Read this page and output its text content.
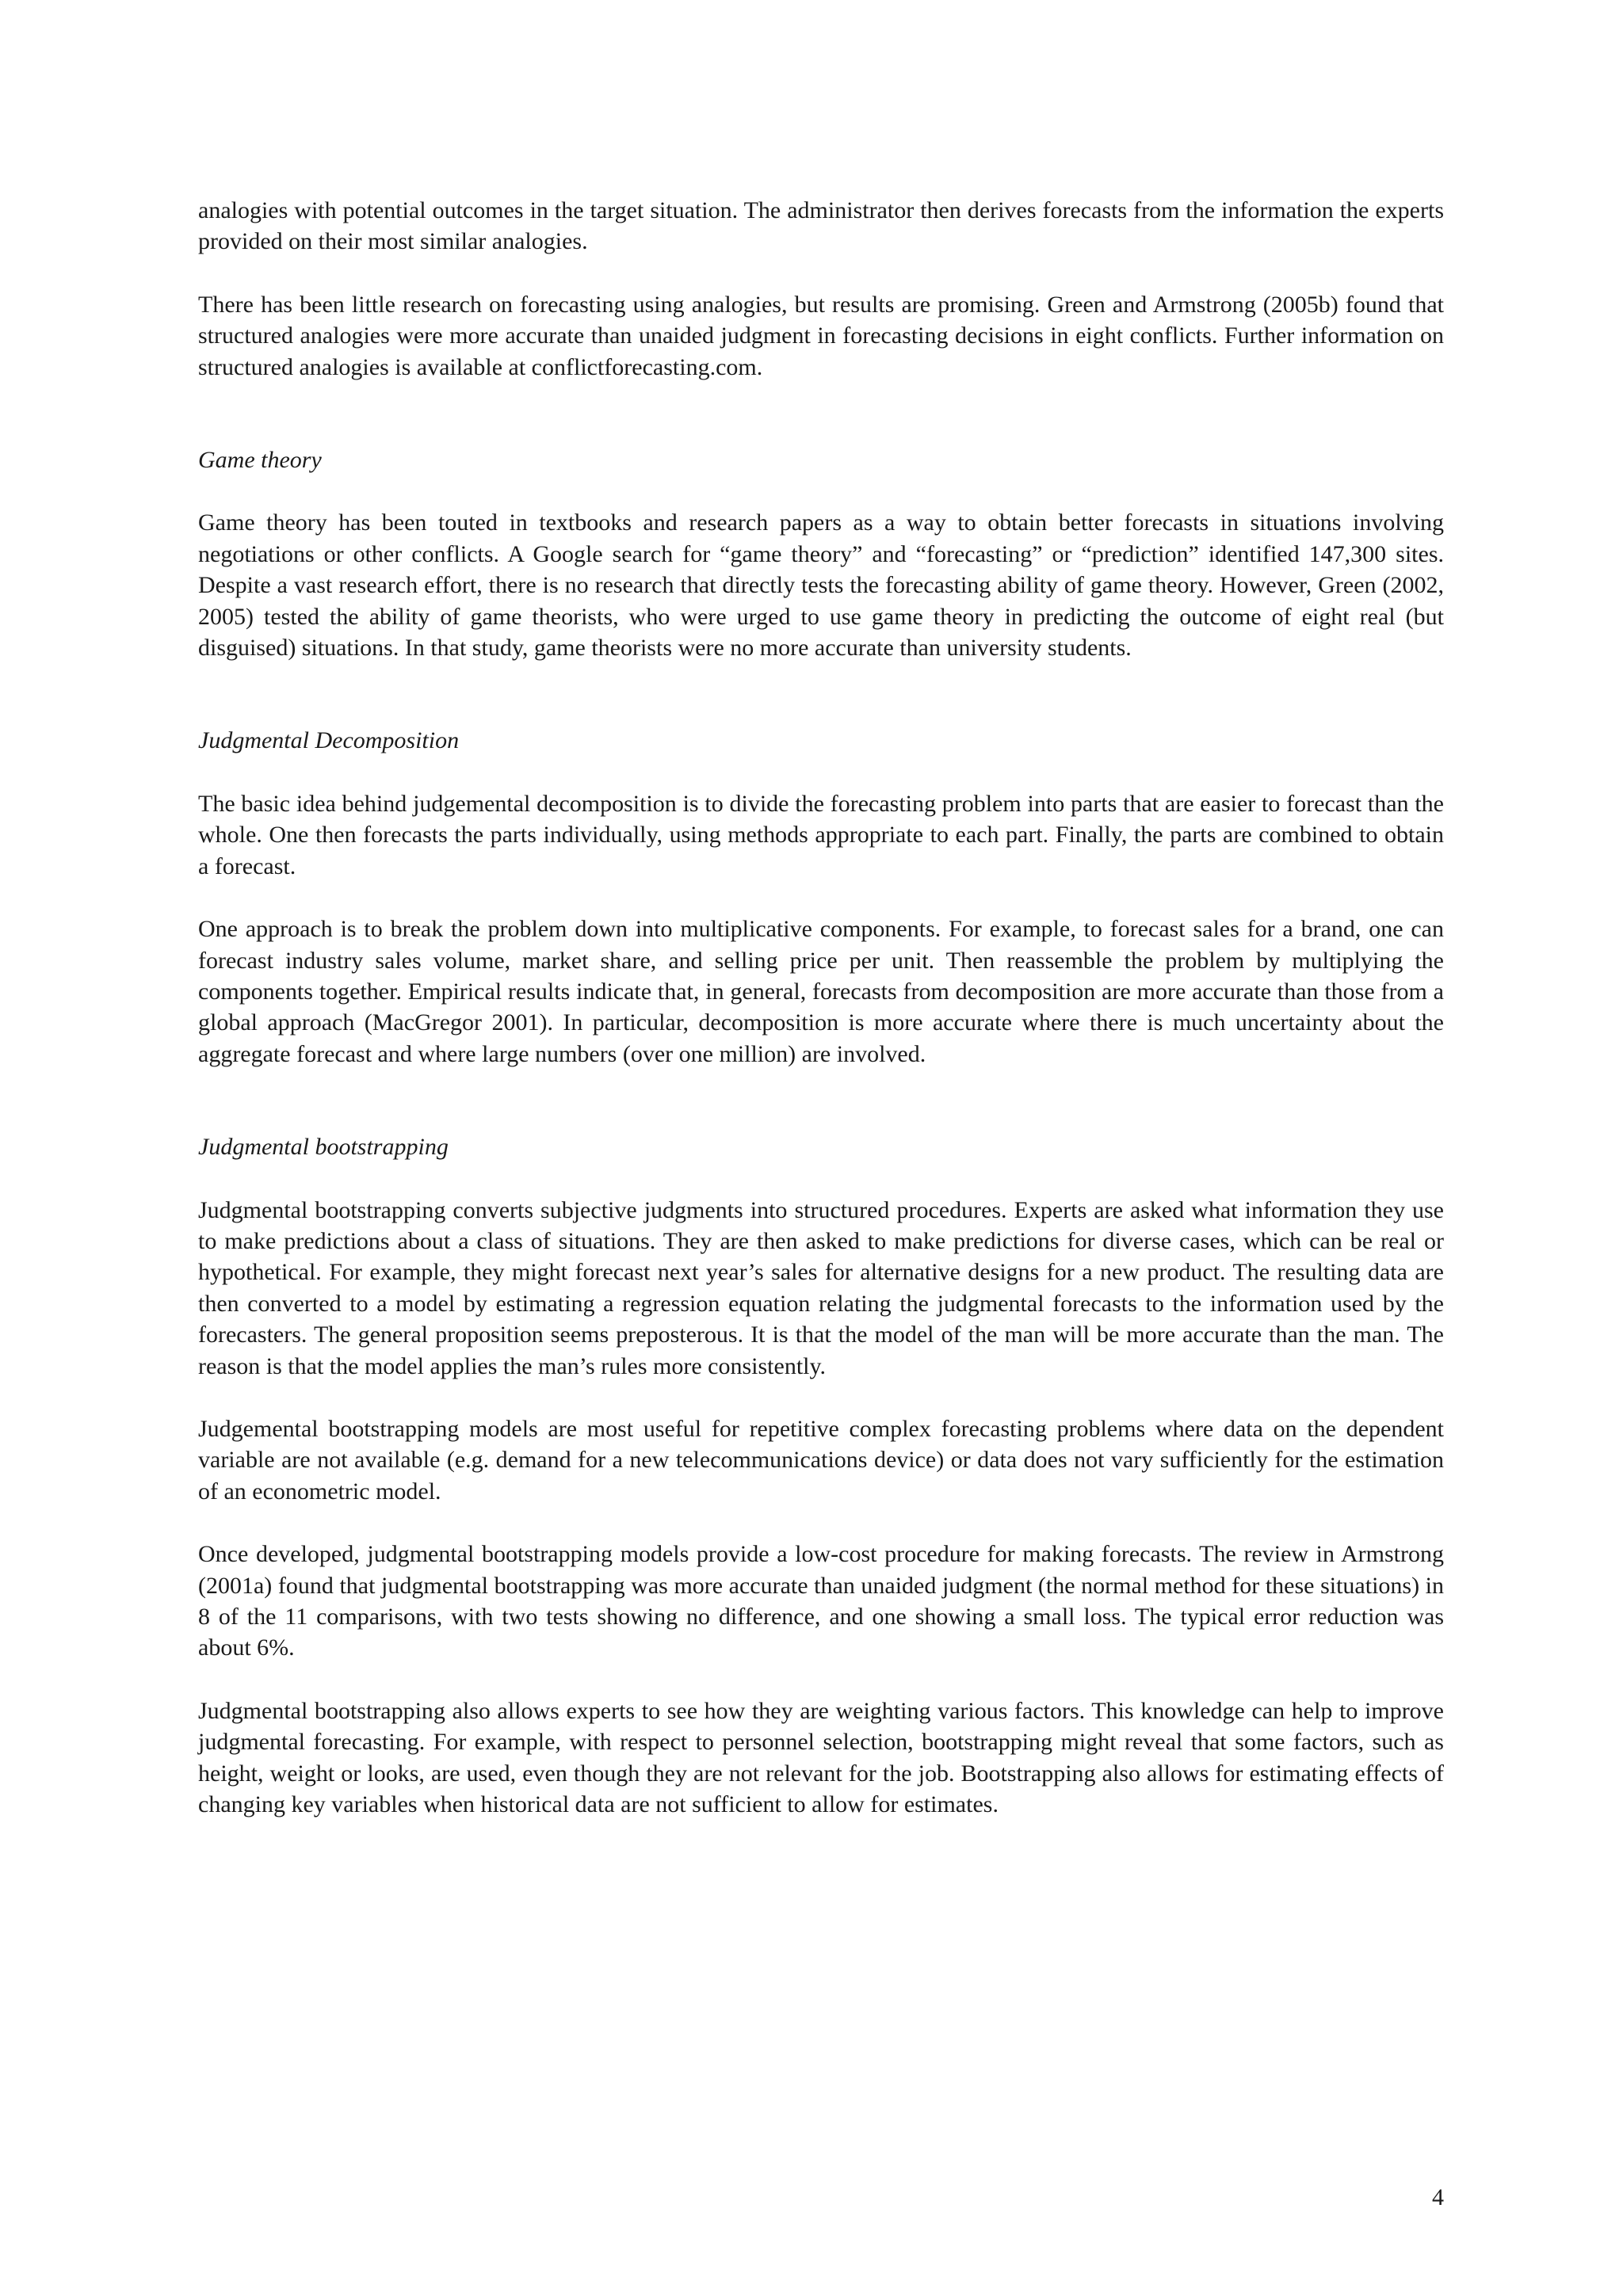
analogies with potential outcomes in the target situation. The administrator then derives forecasts from the information the experts provided on their most similar analogies.

There has been little research on forecasting using analogies, but results are promising. Green and Armstrong (2005b) found that structured analogies were more accurate than unaided judgment in forecasting decisions in eight conflicts. Further information on structured analogies is available at conflictforecasting.com.

Game theory

Game theory has been touted in textbooks and research papers as a way to obtain better forecasts in situations involving negotiations or other conflicts. A Google search for “game theory” and “forecasting” or “prediction” identified 147,300 sites. Despite a vast research effort, there is no research that directly tests the forecasting ability of game theory. However, Green (2002, 2005) tested the ability of game theorists, who were urged to use game theory in predicting the outcome of eight real (but disguised) situations. In that study, game theorists were no more accurate than university students.

Judgmental Decomposition

The basic idea behind judgemental decomposition is to divide the forecasting problem into parts that are easier to forecast than the whole. One then forecasts the parts individually, using methods appropriate to each part. Finally, the parts are combined to obtain a forecast.

One approach is to break the problem down into multiplicative components. For example, to forecast sales for a brand, one can forecast industry sales volume, market share, and selling price per unit. Then reassemble the problem by multiplying the components together. Empirical results indicate that, in general, forecasts from decomposition are more accurate than those from a global approach (MacGregor 2001). In particular, decomposition is more accurate where there is much uncertainty about the aggregate forecast and where large numbers (over one million) are involved.

Judgmental bootstrapping

Judgmental bootstrapping converts subjective judgments into structured procedures. Experts are asked what information they use to make predictions about a class of situations. They are then asked to make predictions for diverse cases, which can be real or hypothetical. For example, they might forecast next year’s sales for alternative designs for a new product. The resulting data are then converted to a model by estimating a regression equation relating the judgmental forecasts to the information used by the forecasters. The general proposition seems preposterous. It is that the model of the man will be more accurate than the man. The reason is that the model applies the man’s rules more consistently.

Judgemental bootstrapping models are most useful for repetitive complex forecasting problems where data on the dependent variable are not available (e.g. demand for a new telecommunications device) or data does not vary sufficiently for the estimation of an econometric model.

Once developed, judgmental bootstrapping models provide a low-cost procedure for making forecasts. The review in Armstrong (2001a) found that judgmental bootstrapping was more accurate than unaided judgment (the normal method for these situations) in 8 of the 11 comparisons, with two tests showing no difference, and one showing a small loss. The typical error reduction was about 6%.

Judgmental bootstrapping also allows experts to see how they are weighting various factors. This knowledge can help to improve judgmental forecasting. For example, with respect to personnel selection, bootstrapping might reveal that some factors, such as height, weight or looks, are used, even though they are not relevant for the job. Bootstrapping also allows for estimating effects of changing key variables when historical data are not sufficient to allow for estimates.

4
